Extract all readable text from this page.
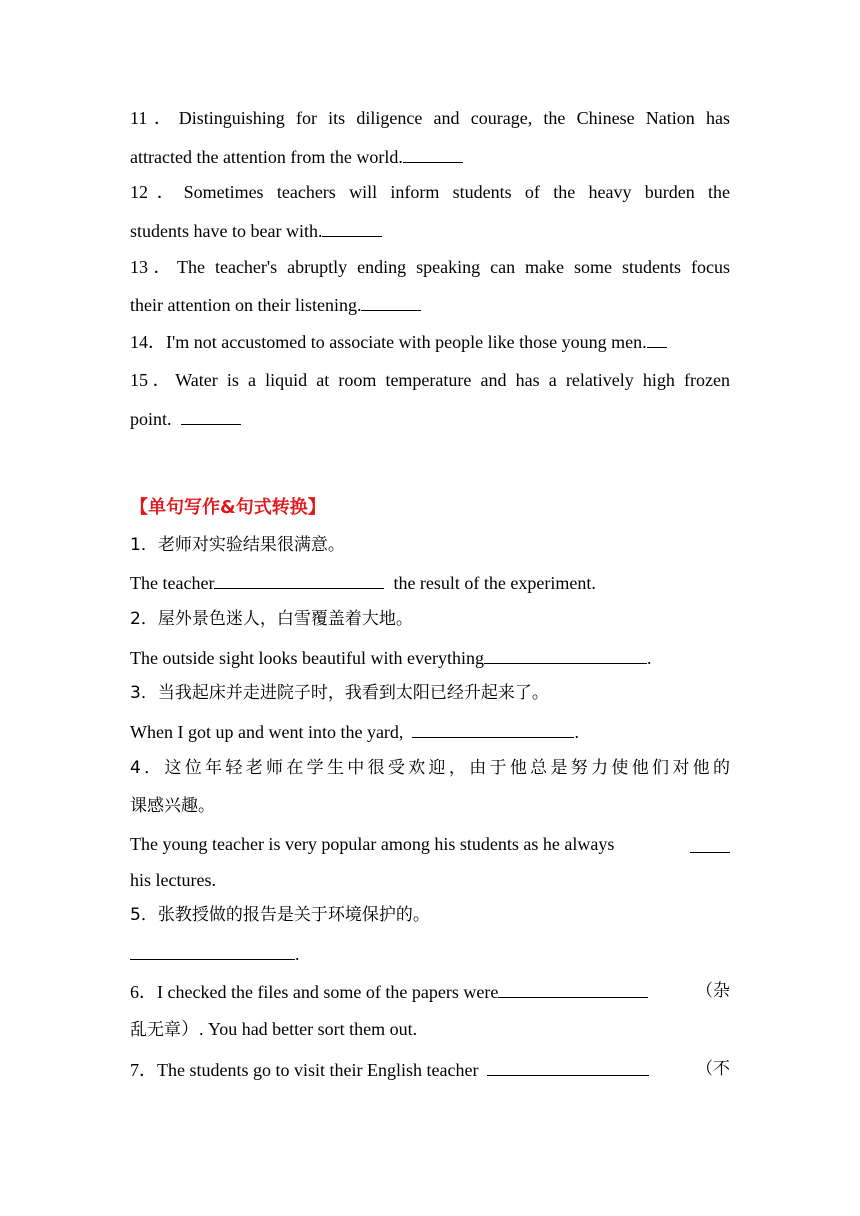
11．Distinguishing for its diligence and courage, the Chinese Nation has
attracted the attention from the world.
12．Sometimes teachers will inform students of the heavy burden the
students have to bear with.
13．The teacher's abruptly ending speaking can make some students focus
their attention on their listening.
14．I'm not accustomed to associate with people like those young men.
15．Water is a liquid at room temperature and has a relatively high frozen
point.
【单句写作&句式转换】
1．老师对实验结果很满意。
The teacher	the result of the experiment.
2．屋外景色迷人，白雪覆盖着大地。
The outside sight looks beautiful with everything	.
3．当我起床并走进院子时，我看到太阳已经升起来了。
When I got up and went into the yard,	.
4．这位年轻老师在学生中很受欢迎，由于他总是努力使他们对他的
课感兴趣。
The young teacher is very popular among his students as he always
his lectures.
5．张教授做的报告是关于环境保护的。
.
6．I checked the files and some of the papers were	（杂
乱无章）. You had better sort them out.
7．The students go to visit their English teacher	（不
